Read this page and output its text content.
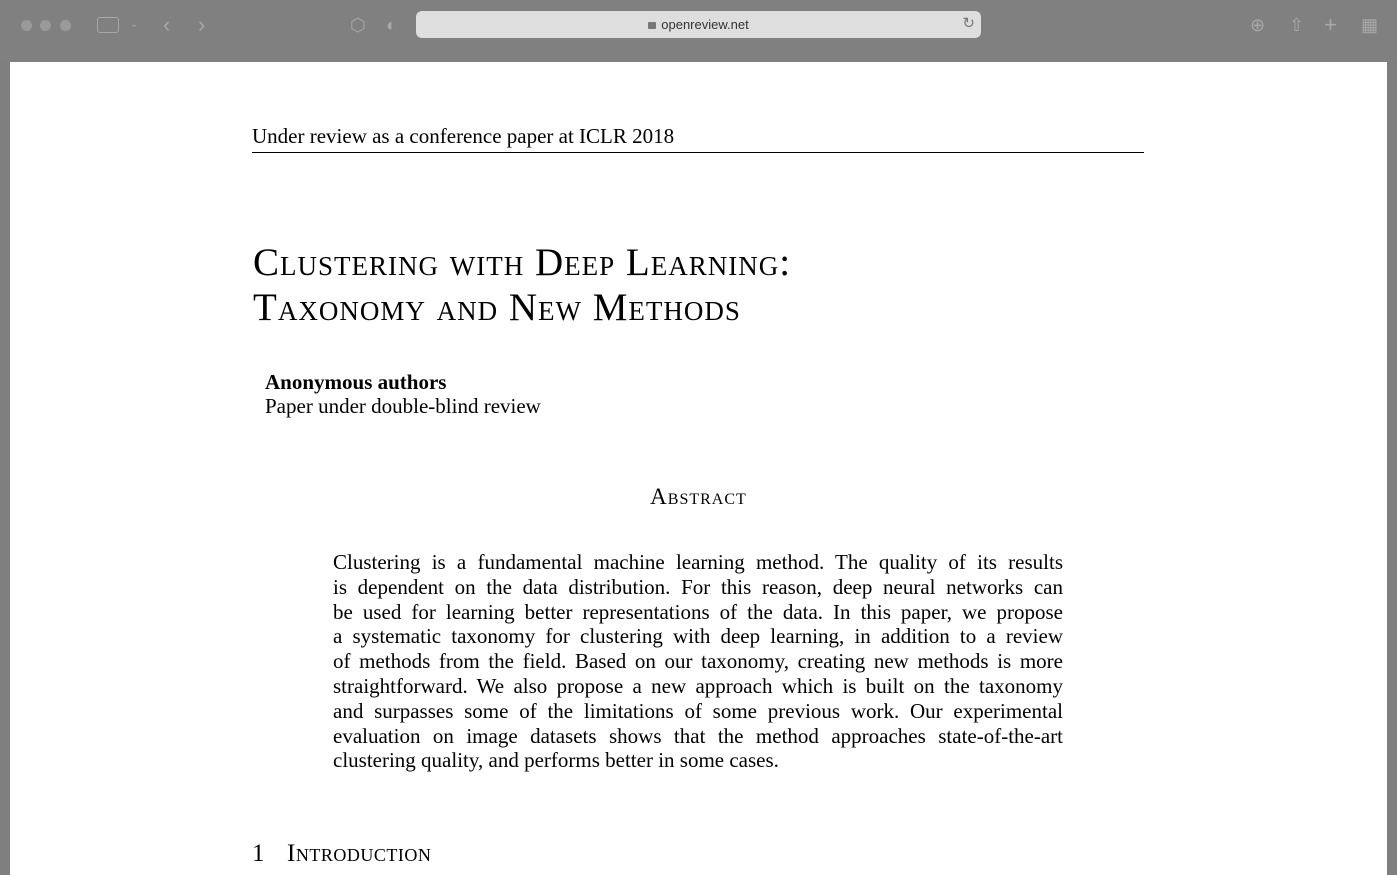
⌄ ‹ ›	⬡ ◐	openreview.net	↻	⊕ ⇧ + ▦
Under review as a conference paper at ICLR 2018
Clustering with Deep Learning:
Taxonomy and New Methods
Anonymous authors
Paper under double-blind review
Abstract
Clustering is a fundamental machine learning method. The quality of its results
is dependent on the data distribution. For this reason, deep neural networks can
be used for learning better representations of the data. In this paper, we propose
a systematic taxonomy for clustering with deep learning, in addition to a review
of methods from the field. Based on our taxonomy, creating new methods is more
straightforward. We also propose a new approach which is built on the taxonomy
and surpasses some of the limitations of some previous work. Our experimental
evaluation on image datasets shows that the method approaches state-of-the-art
clustering quality, and performs better in some cases.
1 Introduction
